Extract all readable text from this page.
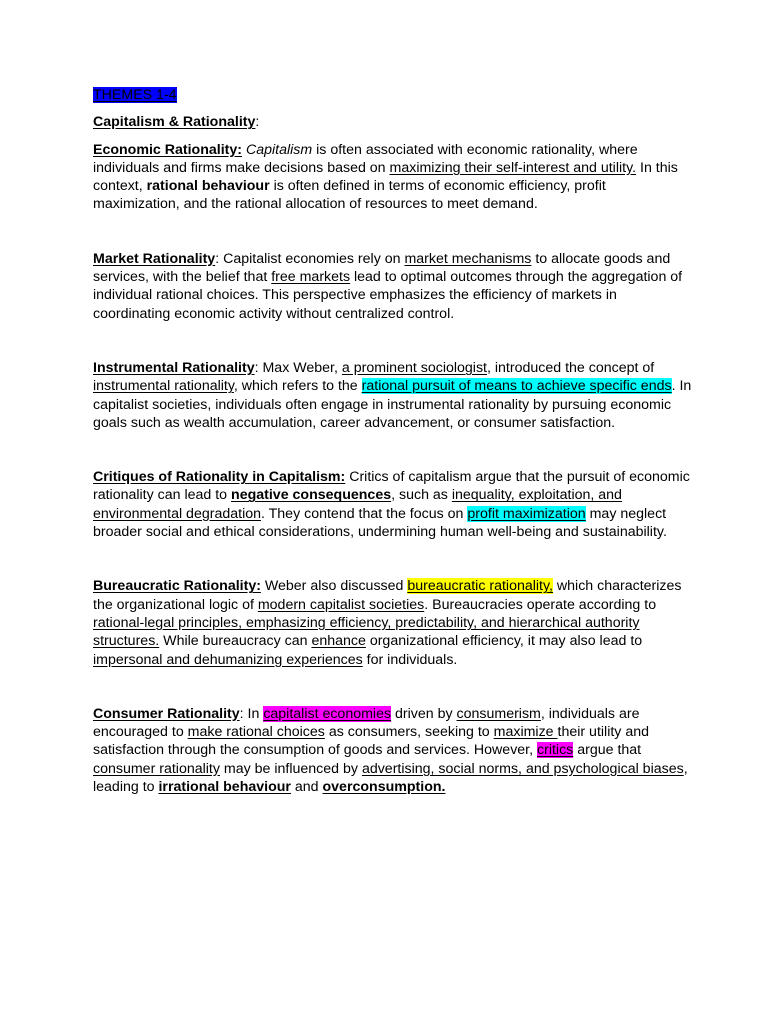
THEMES 1-4

Capitalism & Rationality:

Economic Rationality: Capitalism is often associated with economic rationality, where individuals and firms make decisions based on maximizing their self-interest and utility. In this context, rational behaviour is often defined in terms of economic efficiency, profit maximization, and the rational allocation of resources to meet demand.

Market Rationality: Capitalist economies rely on market mechanisms to allocate goods and services, with the belief that free markets lead to optimal outcomes through the aggregation of individual rational choices. This perspective emphasizes the efficiency of markets in coordinating economic activity without centralized control.

Instrumental Rationality: Max Weber, a prominent sociologist, introduced the concept of instrumental rationality, which refers to the rational pursuit of means to achieve specific ends. In capitalist societies, individuals often engage in instrumental rationality by pursuing economic goals such as wealth accumulation, career advancement, or consumer satisfaction.

Critiques of Rationality in Capitalism: Critics of capitalism argue that the pursuit of economic rationality can lead to negative consequences, such as inequality, exploitation, and environmental degradation. They contend that the focus on profit maximization may neglect broader social and ethical considerations, undermining human well-being and sustainability.

Bureaucratic Rationality: Weber also discussed bureaucratic rationality, which characterizes the organizational logic of modern capitalist societies. Bureaucracies operate according to rational-legal principles, emphasizing efficiency, predictability, and hierarchical authority structures. While bureaucracy can enhance organizational efficiency, it may also lead to impersonal and dehumanizing experiences for individuals.

Consumer Rationality: In capitalist economies driven by consumerism, individuals are encouraged to make rational choices as consumers, seeking to maximize their utility and satisfaction through the consumption of goods and services. However, critics argue that consumer rationality may be influenced by advertising, social norms, and psychological biases, leading to irrational behaviour and overconsumption.
